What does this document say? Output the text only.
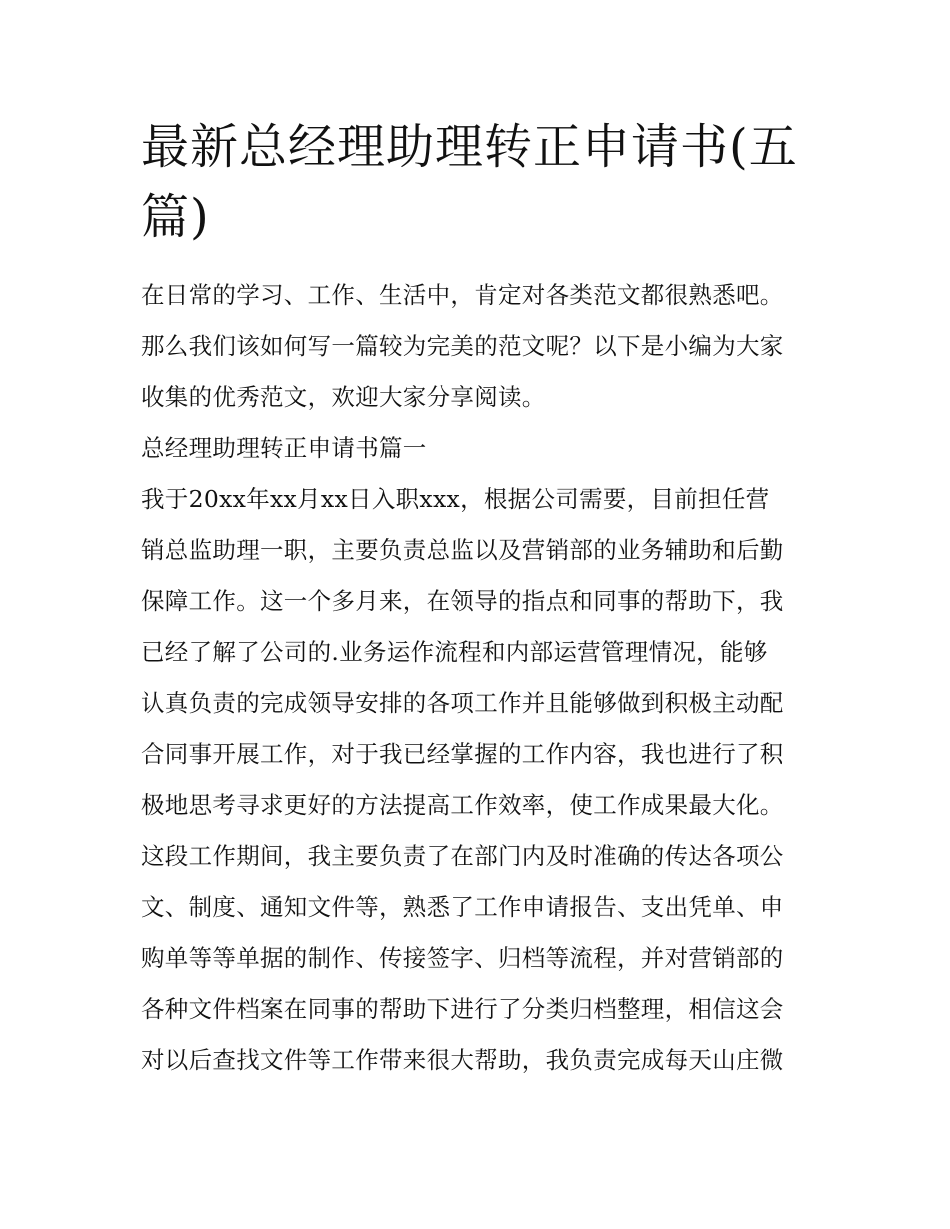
最新总经理助理转正申请书(五篇)
在日常的学习、工作、生活中，肯定对各类范文都很熟悉吧。
那么我们该如何写一篇较为完美的范文呢？以下是小编为大家
收集的优秀范文，欢迎大家分享阅读。
总经理助理转正申请书篇一
我于20xx年xx月xx日入职xxx，根据公司需要，目前担任营
销总监助理一职，主要负责总监以及营销部的业务辅助和后勤
保障工作。这一个多月来，在领导的指点和同事的帮助下，我
已经了解了公司的.业务运作流程和内部运营管理情况，能够
认真负责的完成领导安排的各项工作并且能够做到积极主动配
合同事开展工作，对于我已经掌握的工作内容，我也进行了积
极地思考寻求更好的方法提高工作效率，使工作成果最大化。
这段工作期间，我主要负责了在部门内及时准确的传达各项公
文、制度、通知文件等，熟悉了工作申请报告、支出凭单、申
购单等等单据的制作、传接签字、归档等流程，并对营销部的
各种文件档案在同事的帮助下进行了分类归档整理，相信这会
对以后查找文件等工作带来很大帮助，我负责完成每天山庄微
